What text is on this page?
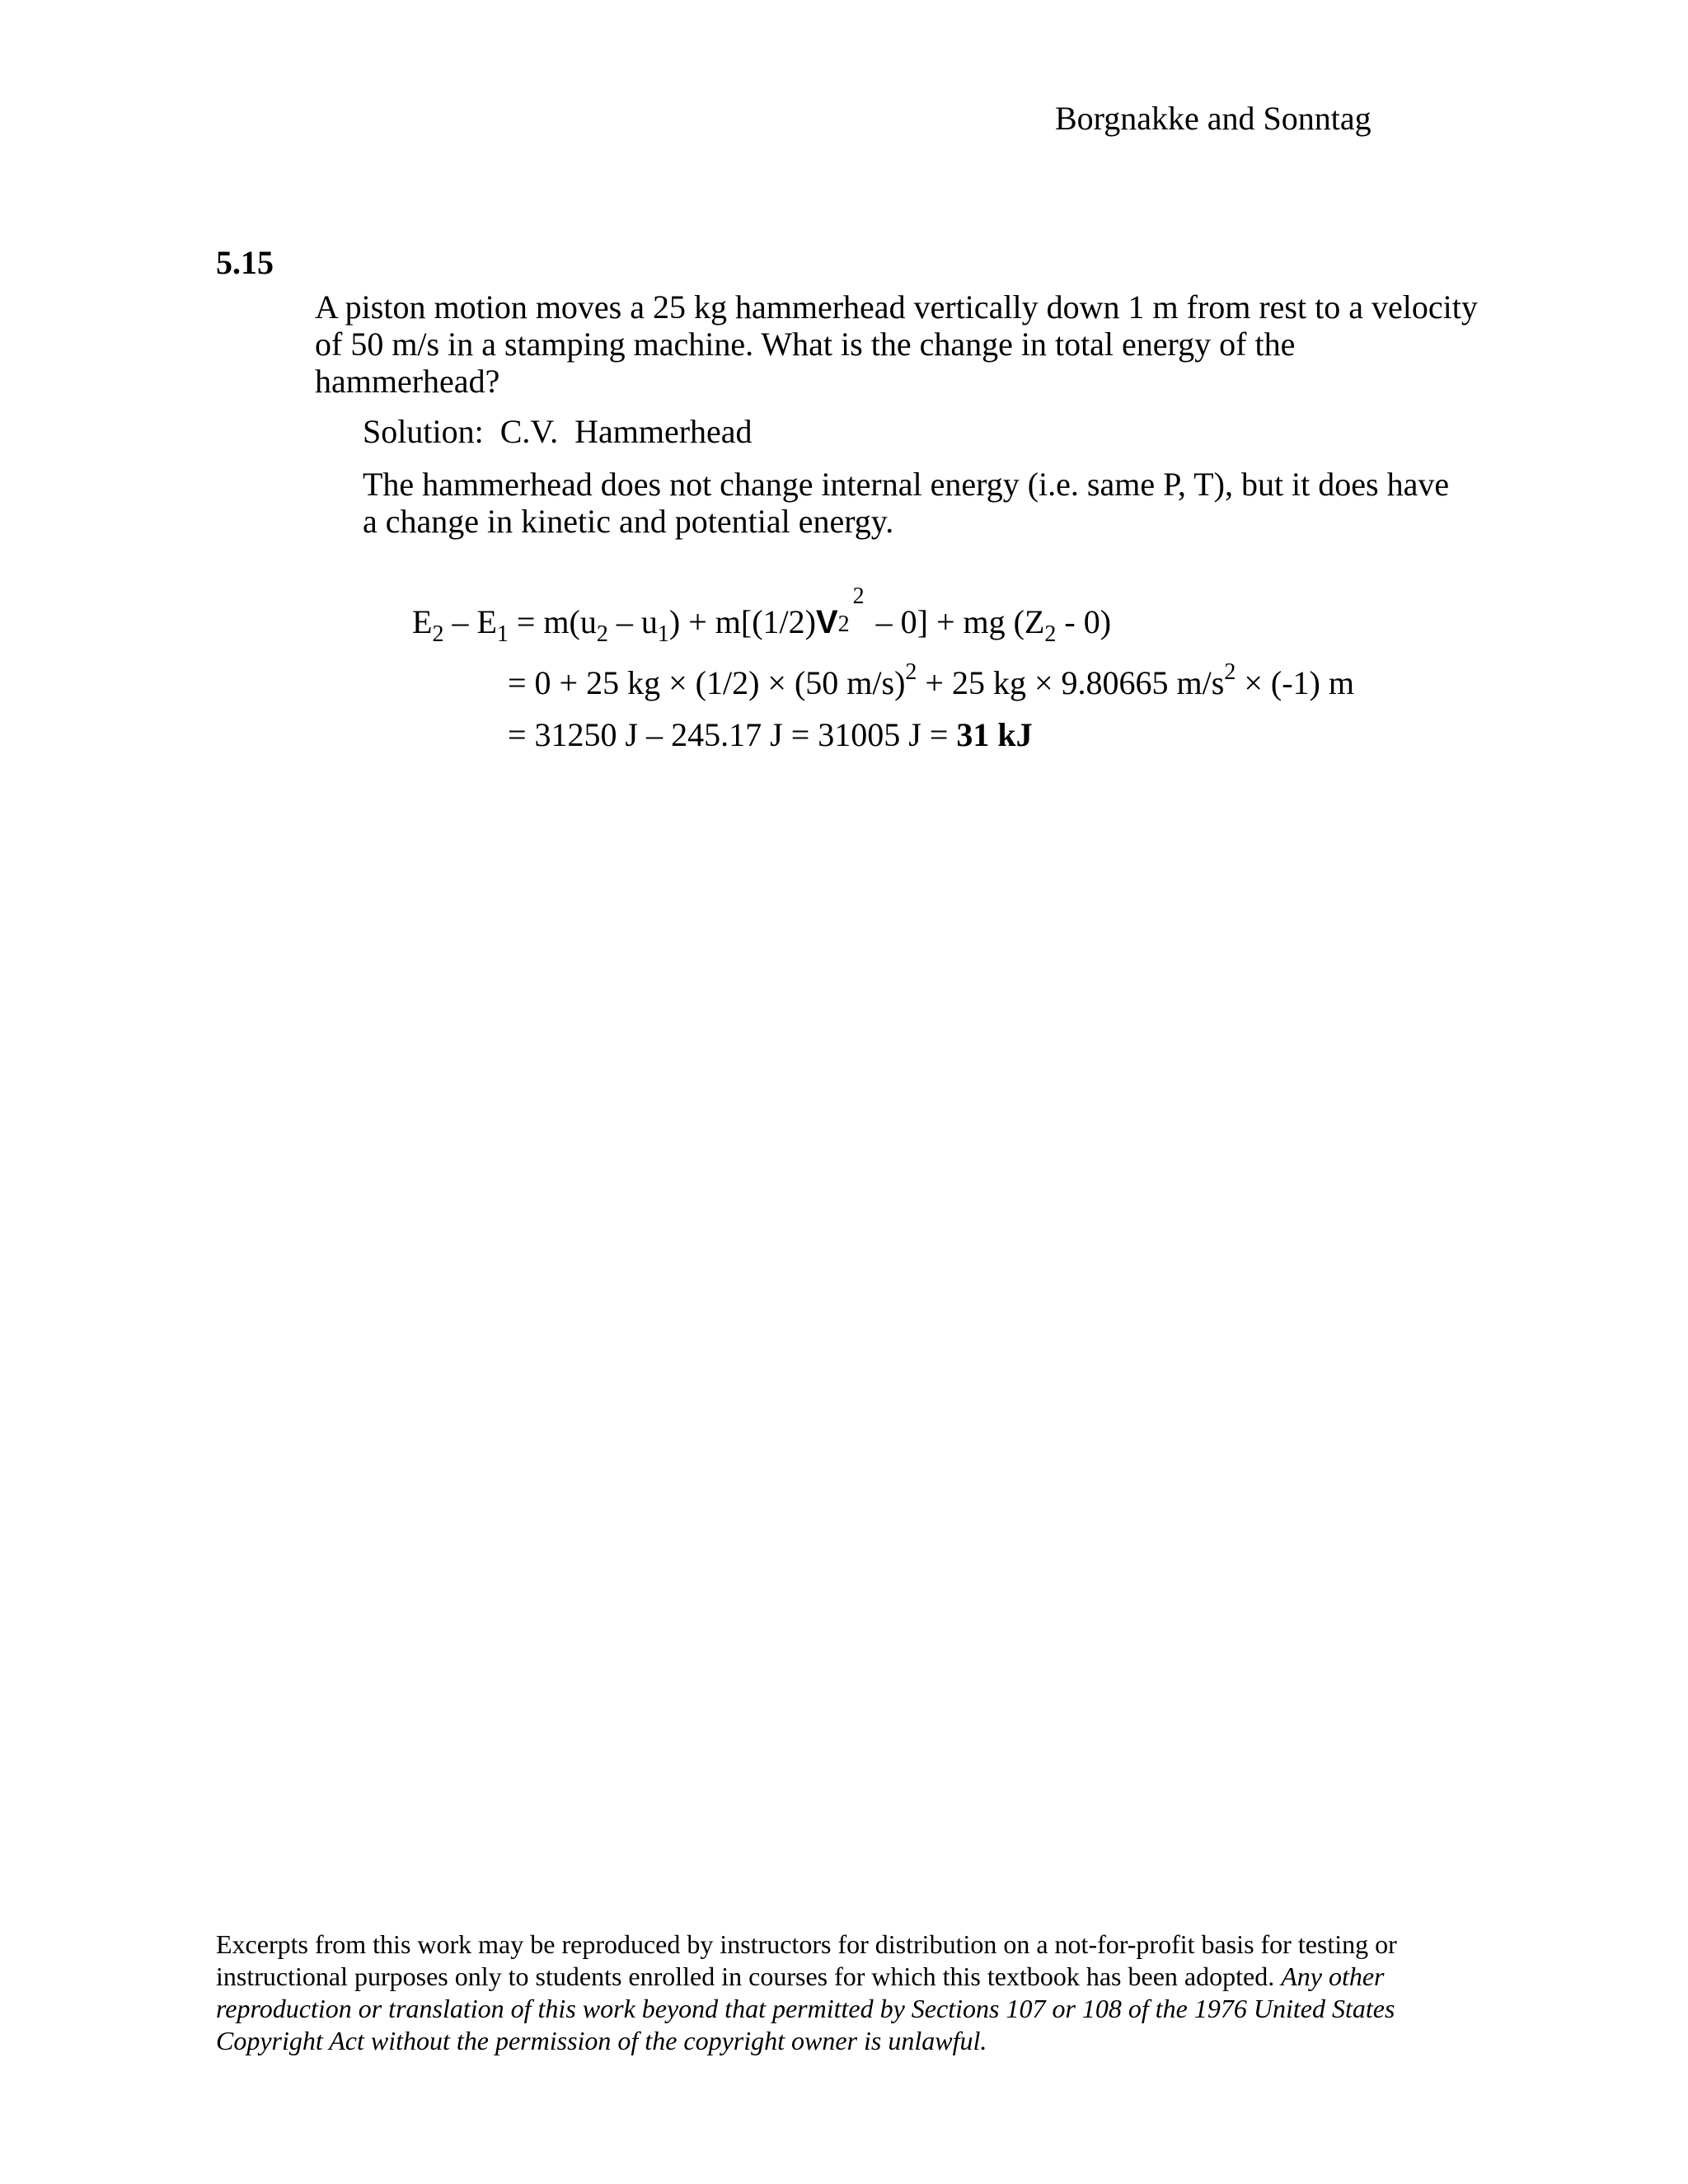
Borgnakke and Sonntag
5.15
A piston motion moves a 25 kg hammerhead vertically down 1 m from rest to a velocity of 50 m/s in a stamping machine. What is the change in total energy of the hammerhead?
Solution:  C.V.  Hammerhead
The hammerhead does not change internal energy (i.e. same P, T), but it does have a change in kinetic and potential energy.
$E_2 - E_1 = m(u_2 - u_1) + m[(1/2)V$ 2
2
– 0] + mg $(Z_2 - 0)$
= 0 + 25 kg × (1/2) × (50 m/s)$^2$ + 25 kg × 9.80665 $m/s^2 \times (-1)$ m
= 31250 J – 245.17 J = 31005 J = 31 kJ
Excerpts from this work may be reproduced by instructors for distribution on a not-for-profit basis for testing or instructional purposes only to students enrolled in courses for which this textbook has been adopted. Any other reproduction or translation of this work beyond that permitted by Sections 107 or 108 of the 1976 United States Copyright Act without the permission of the copyright owner is unlawful.
